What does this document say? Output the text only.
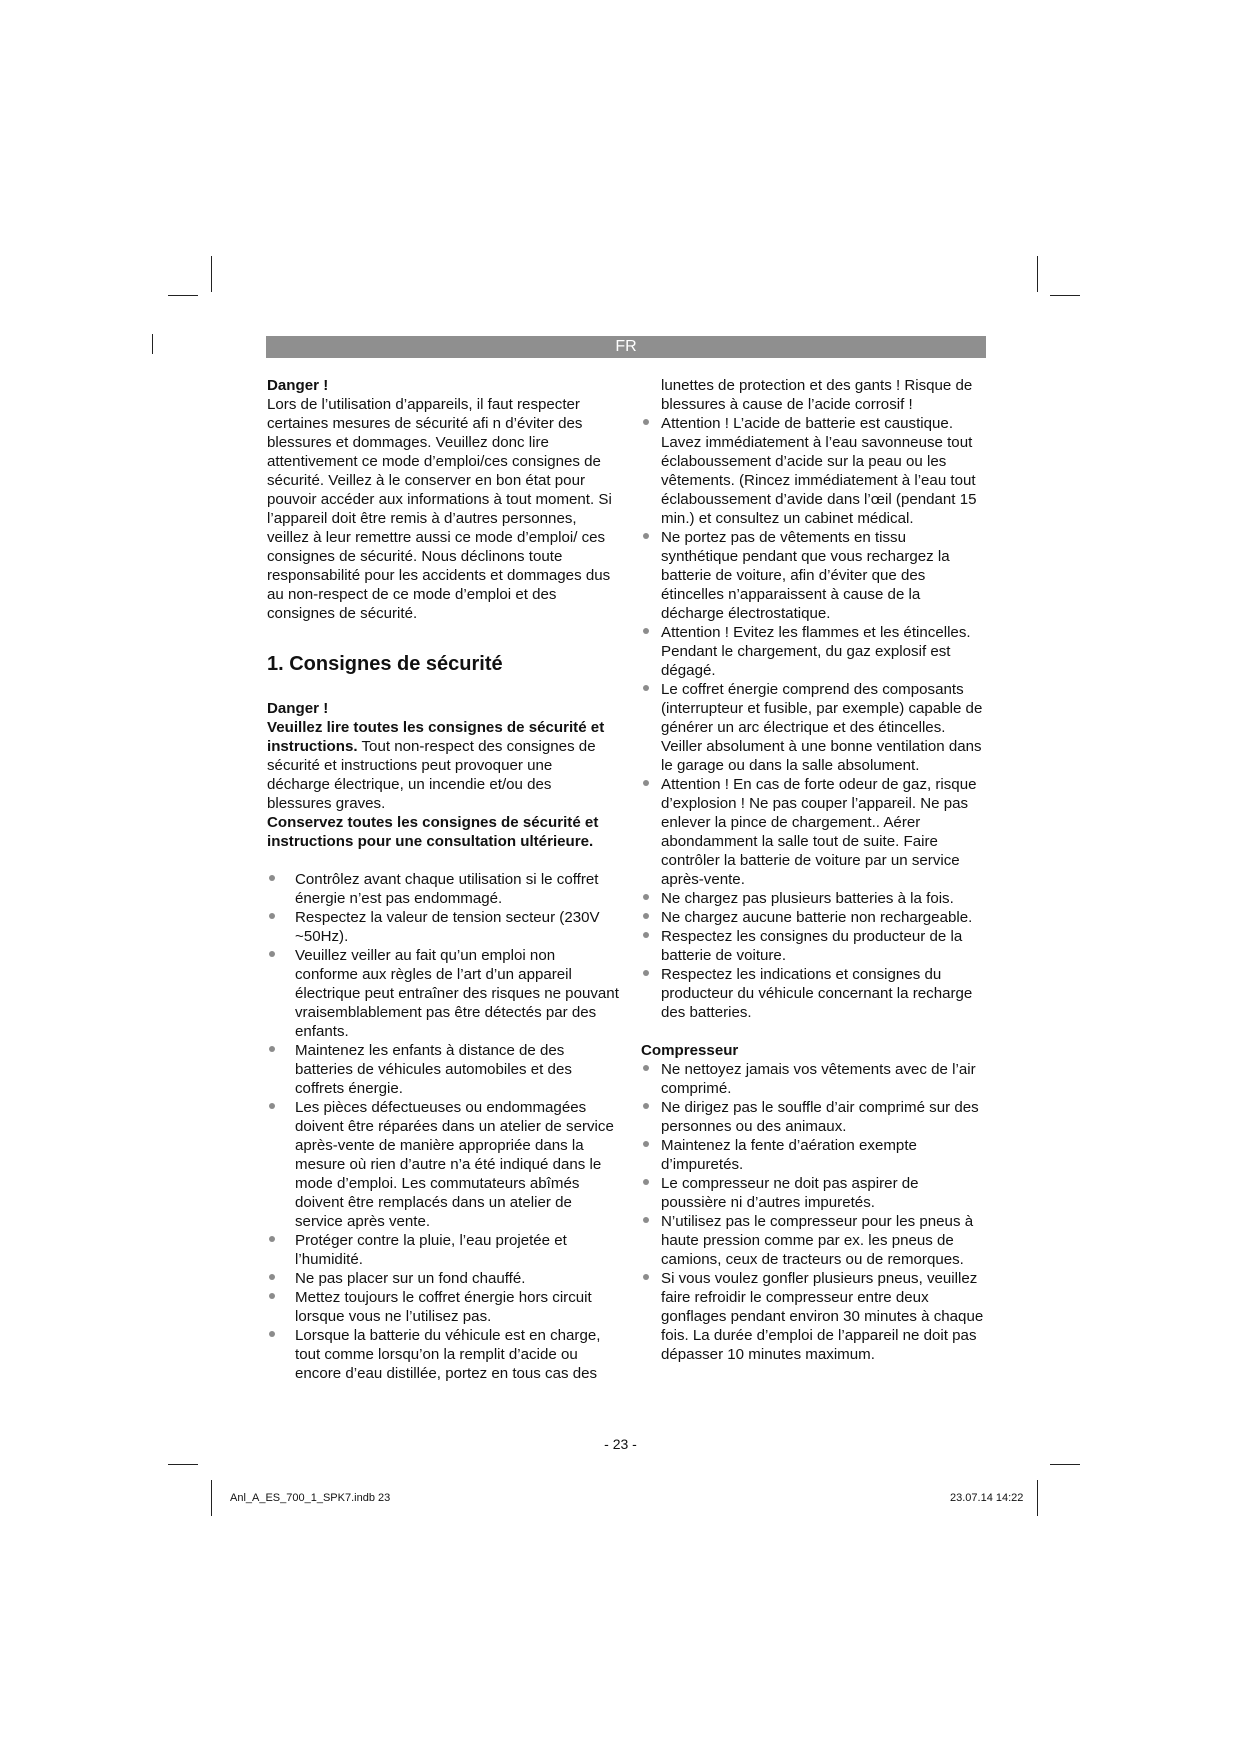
FR

Danger !

Lors de l’utilisation d’appareils, il faut respecter certaines mesures de sécurité afi n d’éviter des blessures et dommages. Veuillez donc lire attentivement ce mode d’emploi/ces consignes de sécurité. Veillez à le conserver en bon état pour pouvoir accéder aux informations à tout moment. Si l’appareil doit être remis à d’autres personnes, veillez à leur remettre aussi ce mode d’emploi/ ces consignes de sécurité. Nous déclinons toute responsabilité pour les accidents et dommages dus au non-respect de ce mode d’emploi et des consignes de sécurité.

1. Consignes de sécurité

Danger !

Veuillez lire toutes les consignes de sécurité et instructions. Tout non-respect des consignes de sécurité et instructions peut provoquer une décharge électrique, un incendie et/ou des blessures graves.

Conservez toutes les consignes de sécurité et instructions pour une consultation ultérieure.

Contrôlez avant chaque utilisation si le coffret énergie n’est pas endommagé.
Respectez la valeur de tension secteur (230V ~50Hz).
Veuillez veiller au fait qu’un emploi non conforme aux règles de l’art d’un appareil électrique peut entraîner des risques ne pouvant vraisemblablement pas être détectés par des enfants.
Maintenez les enfants à distance de des batteries de véhicules automobiles et des coffrets énergie.
Les pièces défectueuses ou endommagées doivent être réparées dans un atelier de service après-vente de manière appropriée dans la mesure où rien d’autre n’a été indiqué dans le mode d’emploi. Les commutateurs abîmés doivent être remplacés dans un atelier de service après vente.
Protéger contre la pluie, l’eau projetée et l’humidité.
Ne pas placer sur un fond chauffé.
Mettez toujours le coffret énergie hors circuit lorsque vous ne l’utilisez pas.
Lorsque la batterie du véhicule est en charge, tout comme lorsqu’on la remplit d’acide ou encore d’eau distillée, portez en tous cas des

lunettes de protection et des gants ! Risque de blessures à cause de l’acide corrosif !

Attention ! L’acide de batterie est caustique. Lavez immédiatement à l’eau savonneuse tout éclaboussement d’acide sur la peau ou les vêtements. (Rincez immédiatement à l’eau tout éclaboussement d’avide dans l’œil (pendant 15 min.) et consultez un cabinet médical.
Ne portez pas de vêtements en tissu synthétique pendant que vous rechargez la batterie de voiture, afin d’éviter que des étincelles n’apparaissent à cause de la décharge électrostatique.
Attention ! Evitez les flammes et les étincelles. Pendant le chargement, du gaz explosif est dégagé.
Le coffret énergie comprend des composants (interrupteur et fusible, par exemple) capable de générer un arc électrique et des étincelles. Veiller absolument à une bonne ventilation dans le garage ou dans la salle absolument.
Attention ! En cas de forte odeur de gaz, risque d’explosion ! Ne pas couper l’appareil. Ne pas enlever la pince de chargement.. Aérer abondamment la salle tout de suite. Faire contrôler la batterie de voiture par un service après-vente.
Ne chargez pas plusieurs batteries à la fois.
Ne chargez aucune batterie non rechargeable.
Respectez les consignes du producteur de la batterie de voiture.
Respectez les indications et consignes du producteur du véhicule concernant la recharge des batteries.

Compresseur

Ne nettoyez jamais vos vêtements avec de l’air comprimé.
Ne dirigez pas le souffle d’air comprimé sur des personnes ou des animaux.
Maintenez la fente d’aération exempte d’impuretés.
Le compresseur ne doit pas aspirer de poussière ni d’autres impuretés.
N’utilisez pas le compresseur pour les pneus à haute pression comme par ex. les pneus de camions, ceux de tracteurs ou de remorques.
Si vous voulez gonfler plusieurs pneus, veuillez faire refroidir le compresseur entre deux gonflages pendant environ 30 minutes à chaque fois. La durée d’emploi de l’appareil ne doit pas dépasser 10 minutes maximum.
- 23 -
Anl_A_ES_700_1_SPK7.indb 23	23.07.14 14:22
